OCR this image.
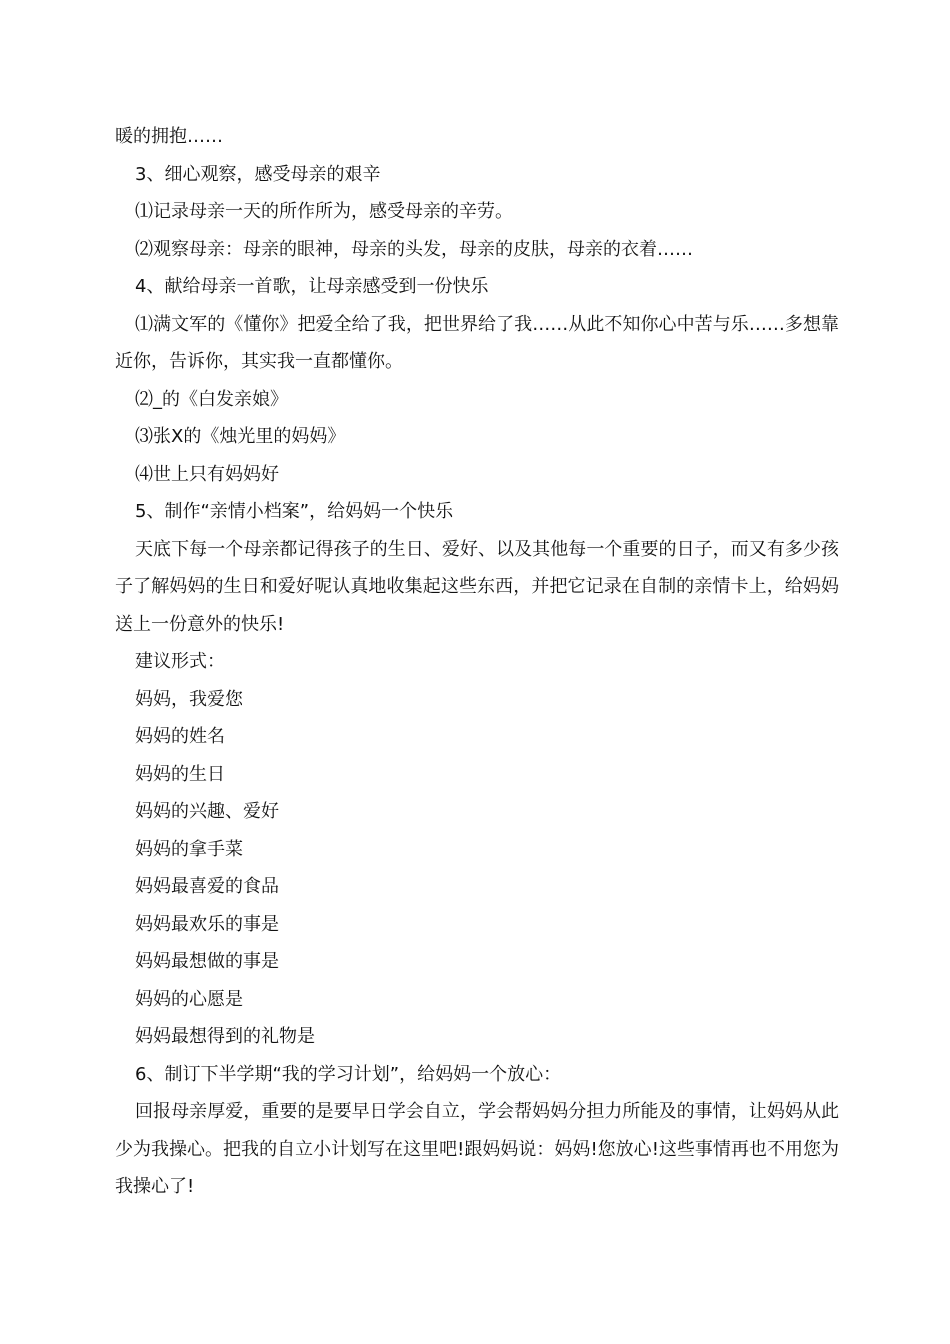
暖的拥抱……
3、细心观察，感受母亲的艰辛
⑴记录母亲一天的所作所为，感受母亲的辛劳。
⑵观察母亲：母亲的眼神，母亲的头发，母亲的皮肤，母亲的衣着……
4、献给母亲一首歌，让母亲感受到一份快乐

⑴满文军的《懂你》把爱全给了我，把世界给了我……从此不知你心中苦与乐……多想靠近你，告诉你，其实我一直都懂你。

⑵_的《白发亲娘》
⑶张X的《烛光里的妈妈》
⑷世上只有妈妈好
5、制作“亲情小档案”，给妈妈一个快乐

天底下每一个母亲都记得孩子的生日、爱好、以及其他每一个重要的日子，而又有多少孩子了解妈妈的生日和爱好呢认真地收集起这些东西，并把它记录在自制的亲情卡上，给妈妈送上一份意外的快乐!

建议形式：
妈妈，我爱您
妈妈的姓名
妈妈的生日
妈妈的兴趣、爱好
妈妈的拿手菜
妈妈最喜爱的食品
妈妈最欢乐的事是
妈妈最想做的事是
妈妈的心愿是
妈妈最想得到的礼物是
6、制订下半学期“我的学习计划”，给妈妈一个放心：

回报母亲厚爱，重要的是要早日学会自立，学会帮妈妈分担力所能及的事情，让妈妈从此少为我操心。把我的自立小计划写在这里吧!跟妈妈说：妈妈!您放心!这些事情再也不用您为我操心了!
